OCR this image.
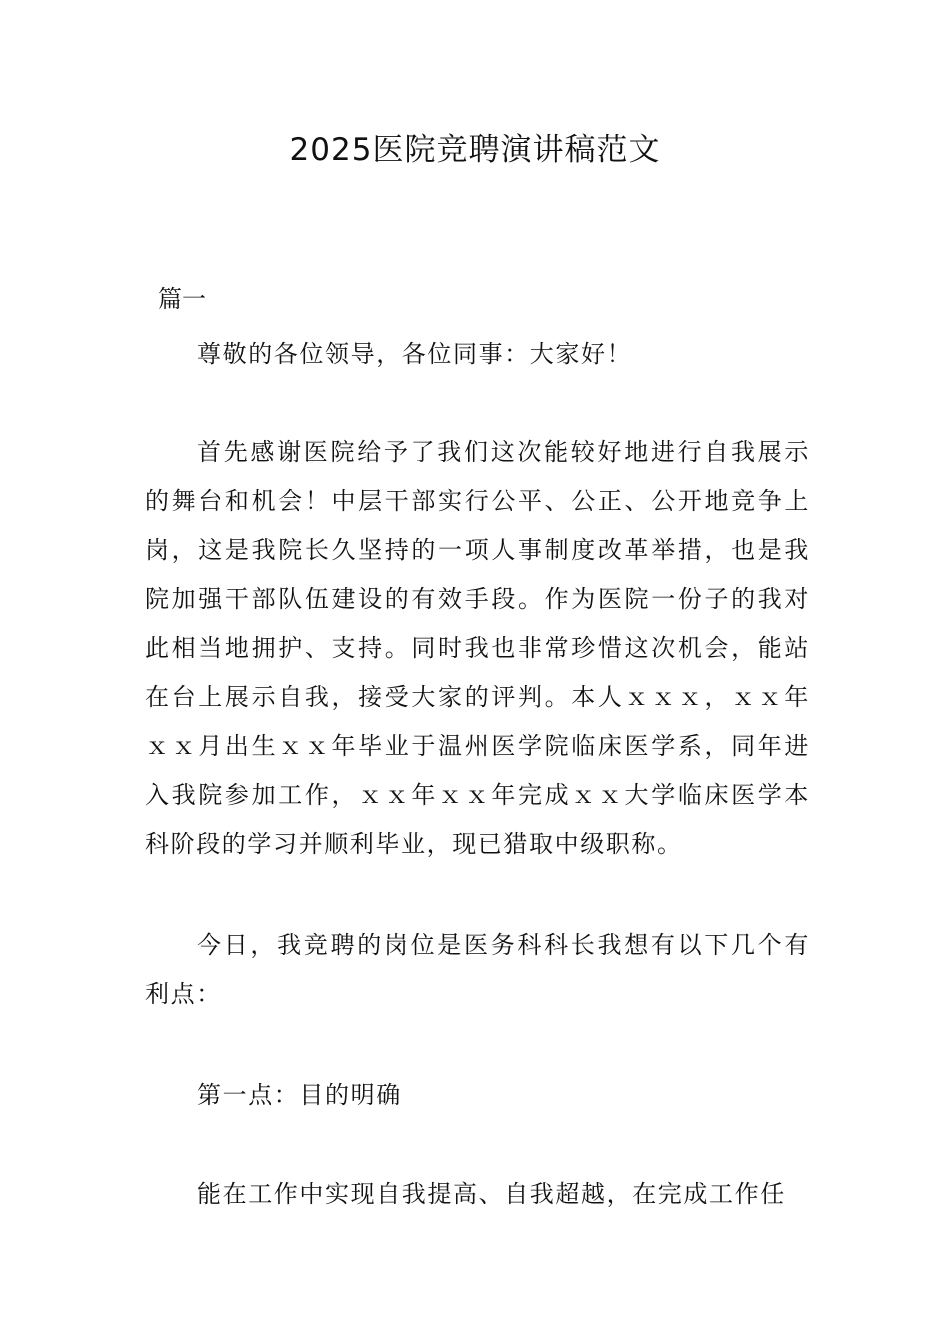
2025医院竞聘演讲稿范文
篇一

尊敬的各位领导，各位同事：大家好！

首先感谢医院给予了我们这次能较好地进行自我展示的舞台和机会！中层干部实行公平、公正、公开地竞争上岗，这是我院长久坚持的一项人事制度改革举措，也是我院加强干部队伍建设的有效手段。作为医院一份子的我对此相当地拥护、支持。同时我也非常珍惜这次机会，能站在台上展示自我，接受大家的评判。本人ｘｘｘ，ｘｘ年ｘｘ月出生ｘｘ年毕业于温州医学院临床医学系，同年进入我院参加工作，ｘｘ年ｘｘ年完成ｘｘ大学临床医学本科阶段的学习并顺利毕业，现已猎取中级职称。

今日，我竞聘的岗位是医务科科长我想有以下几个有利点：

第一点：目的明确

能在工作中实现自我提高、自我超越，在完成工作任
